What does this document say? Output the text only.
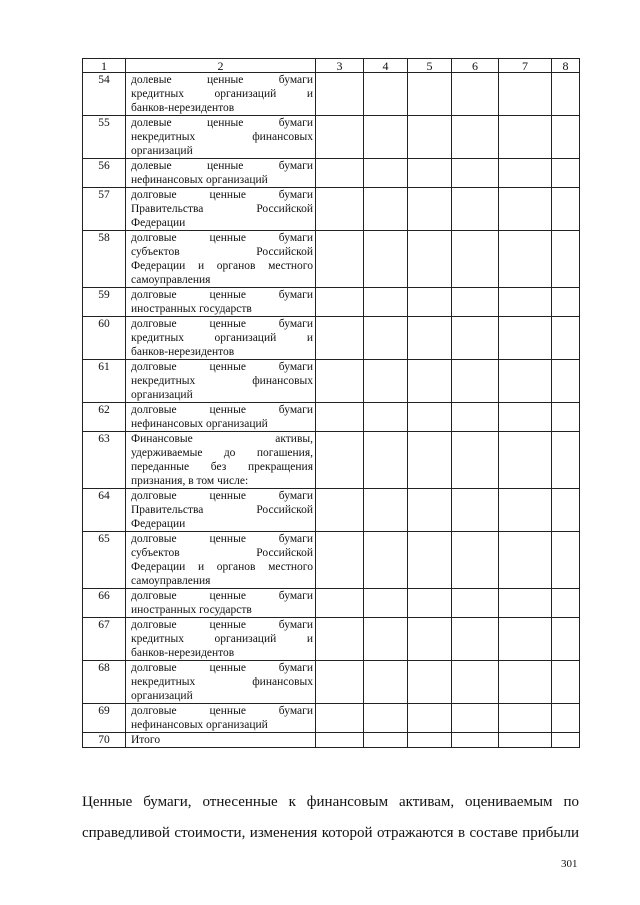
1	2	3	4	5	6	7	8
54	долевые ценные бумаги
кредитных организаций и
банков-нерезидентов						

55	долевые ценные бумаги
некредитных финансовых
организаций						

56	долевые ценные бумаги
нефинансовых организаций						

57	долговые ценные бумаги
Правительства Российской
Федерации						

58	долговые ценные бумаги
субъектов Российской
Федерации и органов местного
самоуправления						

59	долговые ценные бумаги
иностранных государств						

60	долговые ценные бумаги
кредитных организаций и
банков-нерезидентов						

61	долговые ценные бумаги
некредитных финансовых
организаций						

62	долговые ценные бумаги
нефинансовых организаций						

63	Финансовые активы,
удерживаемые до погашения,
переданные без прекращения
признания, в том числе:						

64	долговые ценные бумаги
Правительства Российской
Федерации						

65	долговые ценные бумаги
субъектов Российской
Федерации и органов местного
самоуправления						

66	долговые ценные бумаги
иностранных государств						

67	долговые ценные бумаги
кредитных организаций и
банков-нерезидентов						

68	долговые ценные бумаги
некредитных финансовых
организаций						

69	долговые ценные бумаги
нефинансовых организаций						

70	Итого						

Ценные бумаги, отнесенные к финансовым активам, оцениваемым по
справедливой стоимости, изменения которой отражаются в составе прибыли
301
